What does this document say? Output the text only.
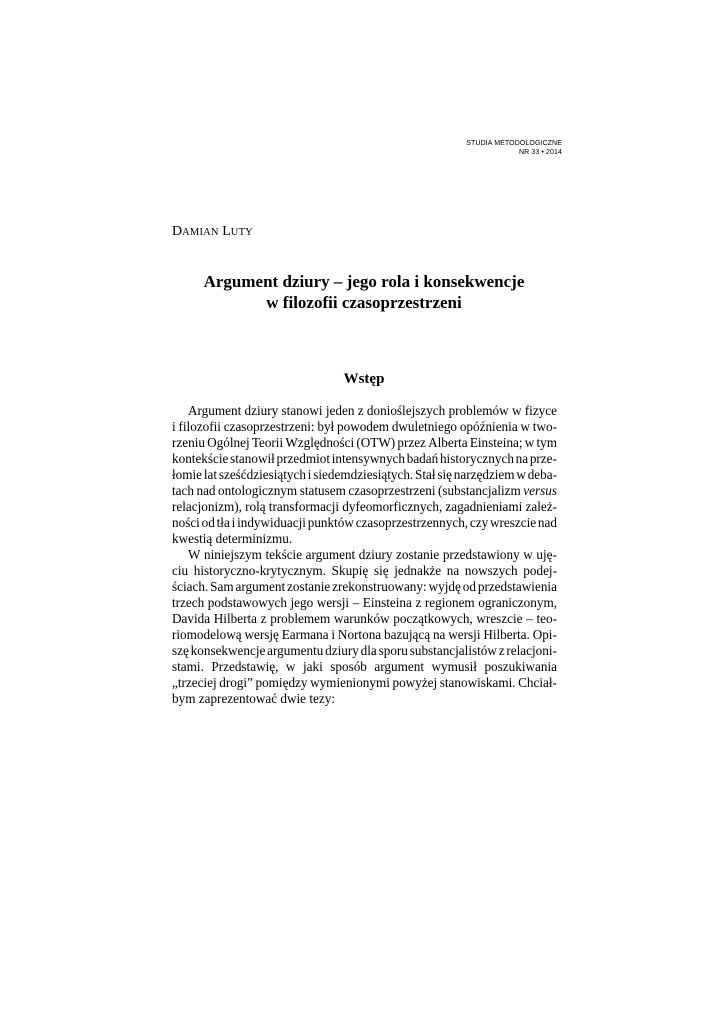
STUDIA METODOLOGICZNE
NR 33 • 2014
DAMIAN LUTY
Argument dziury – jego rola i konsekwencje
w filozofii czasoprzestrzeni
Wstęp
Argument dziury stanowi jeden z donioślejszych problemów w fizyce
i filozofii czasoprzestrzeni: był powodem dwuletniego opóźnienia w two-
rzeniu Ogólnej Teorii Względności (OTW) przez Alberta Einsteina; w tym
kontekście stanowił przedmiot intensywnych badań historycznych na prze-
łomie lat sześćdziesiątych i siedemdziesiątych. Stał się narzędziem w deba-
tach nad ontologicznym statusem czasoprzestrzeni (substancjalizm versus
relacjonizm), rolą transformacji dyfeomorficznych, zagadnieniami zależ-
ności od tła i indywiduacji punktów czasoprzestrzennych, czy wreszcie nad
kwestią determinizmu.
W niniejszym tekście argument dziury zostanie przedstawiony w uję-
ciu historyczno-krytycznym. Skupię się jednakże na nowszych podej-
ściach. Sam argument zostanie zrekonstruowany: wyjdę od przedstawienia
trzech podstawowych jego wersji – Einsteina z regionem ograniczonym,
Davida Hilberta z problemem warunków początkowych, wreszcie – teo-
riomodelową wersję Earmana i Nortona bazującą na wersji Hilberta. Opi-
szę konsekwencje argumentu dziury dla sporu substancjalistów z relacjoni-
stami. Przedstawię, w jaki sposób argument wymusił poszukiwania
„trzeciej drogi” pomiędzy wymienionymi powyżej stanowiskami. Chciał-
bym zaprezentować dwie tezy:
